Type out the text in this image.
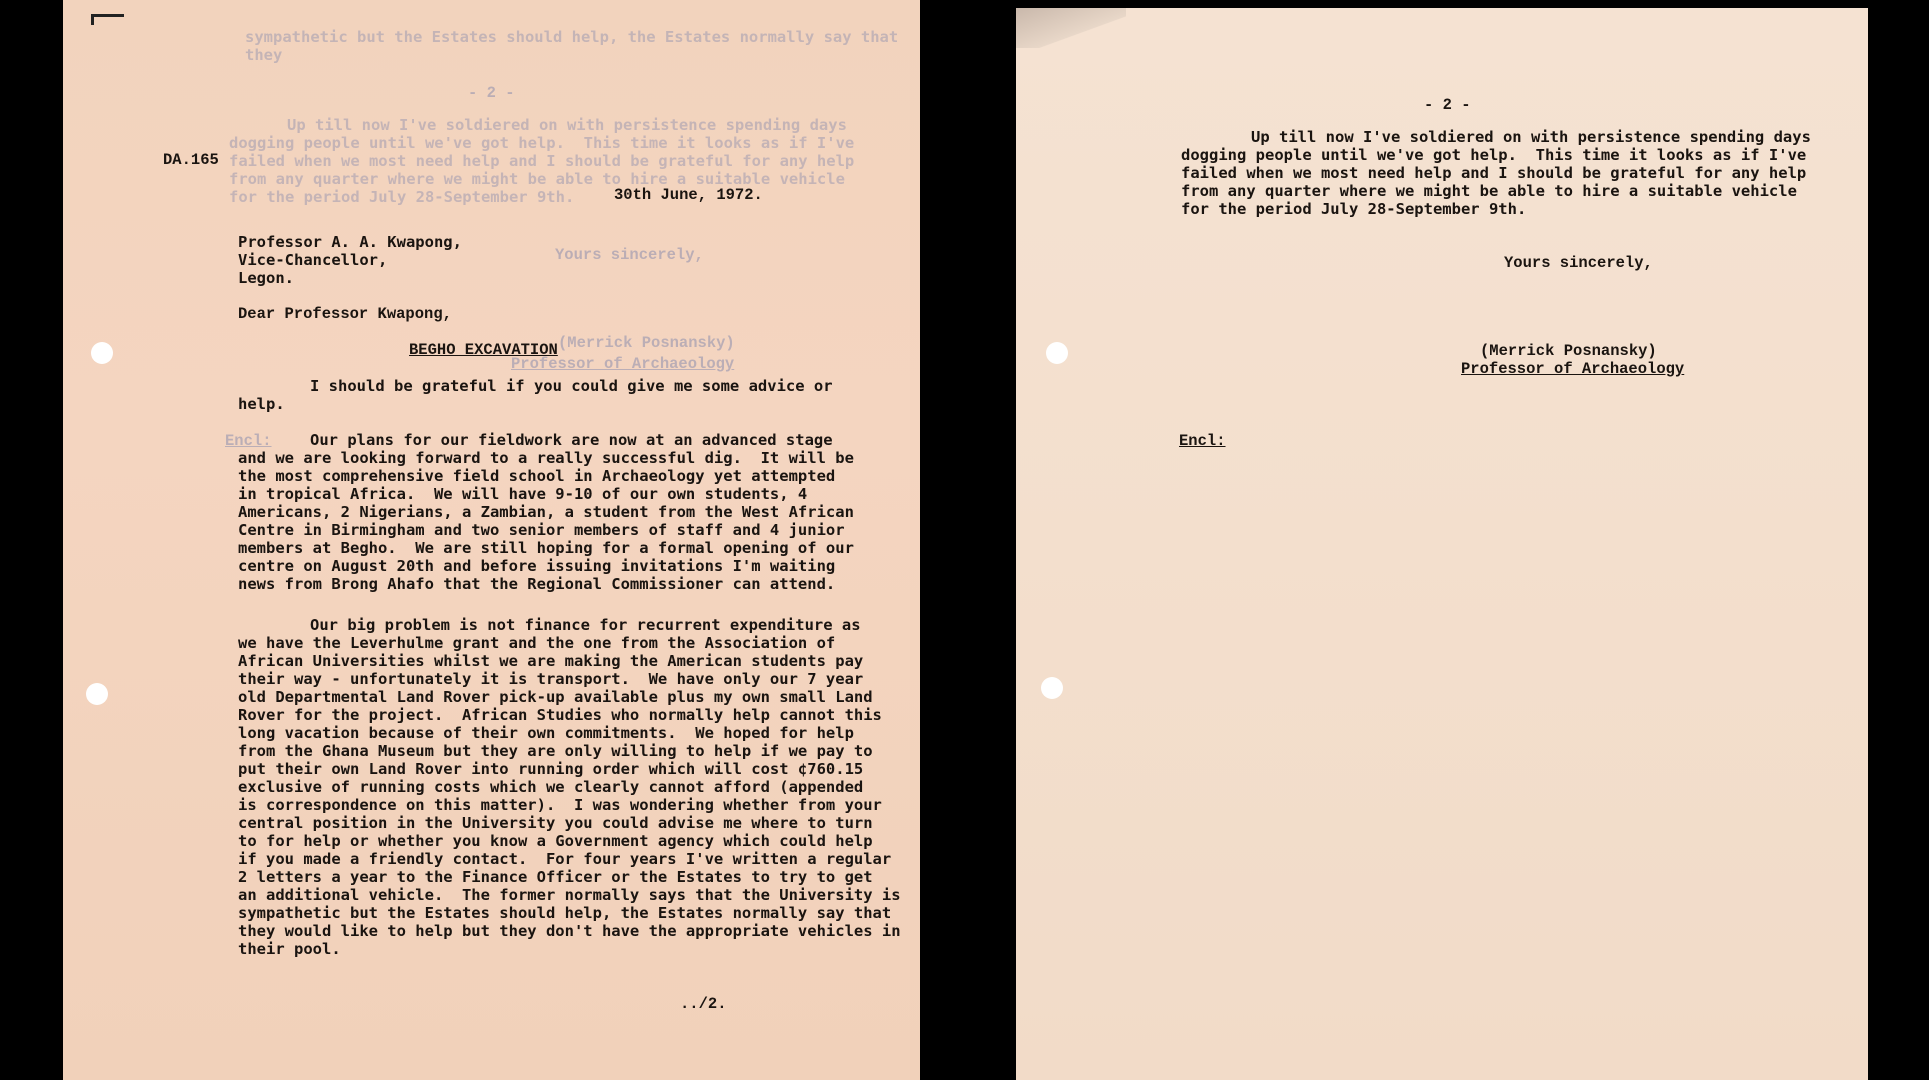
sympathetic but the Estates should help, the Estates normally say that
they

- 2 -

Up till now I've soldiered on with persistence spending days
dogging people until we've got help.  This time it looks as if I've
failed when we most need help and I should be grateful for any help
from any quarter where we might be able to hire a suitable vehicle
for the period July 28-September 9th.

Yours sincerely,

(Merrick Posnansky)

Professor of Archaeology

Encl:

DA.165

30th June, 1972.

Professor A. A. Kwapong,
Vice-Chancellor,
Legon.

Dear Professor Kwapong,

BEGHO EXCAVATION

I should be grateful if you could give me some advice or
help.
Our plans for our fieldwork are now at an advanced stage
and we are looking forward to a really successful dig.  It will be
the most comprehensive field school in Archaeology yet attempted
in tropical Africa.  We will have 9-10 of our own students, 4
Americans, 2 Nigerians, a Zambian, a student from the West African
Centre in Birmingham and two senior members of staff and 4 junior
members at Begho.  We are still hoping for a formal opening of our
centre on August 20th and before issuing invitations I'm waiting
news from Brong Ahafo that the Regional Commissioner can attend.
Our big problem is not finance for recurrent expenditure as
we have the Leverhulme grant and the one from the Association of
African Universities whilst we are making the American students pay
their way - unfortunately it is transport.  We have only our 7 year
old Departmental Land Rover pick-up available plus my own small Land
Rover for the project.  African Studies who normally help cannot this
long vacation because of their own commitments.  We hoped for help
from the Ghana Museum but they are only willing to help if we pay to
put their own Land Rover into running order which will cost ¢760.15
exclusive of running costs which we clearly cannot afford (appended
is correspondence on this matter).  I was wondering whether from your
central position in the University you could advise me where to turn
to for help or whether you know a Government agency which could help
if you made a friendly contact.  For four years I've written a regular
2 letters a year to the Finance Officer or the Estates to try to get
an additional vehicle.  The former normally says that the University is
sympathetic but the Estates should help, the Estates normally say that
they would like to help but they don't have the appropriate vehicles in
their pool.

../2.

- 2 -

Up till now I've soldiered on with persistence spending days
dogging people until we've got help.  This time it looks as if I've
failed when we most need help and I should be grateful for any help
from any quarter where we might be able to hire a suitable vehicle
for the period July 28-September 9th.

Yours sincerely,

(Merrick Posnansky)

Professor of Archaeology

Encl:
